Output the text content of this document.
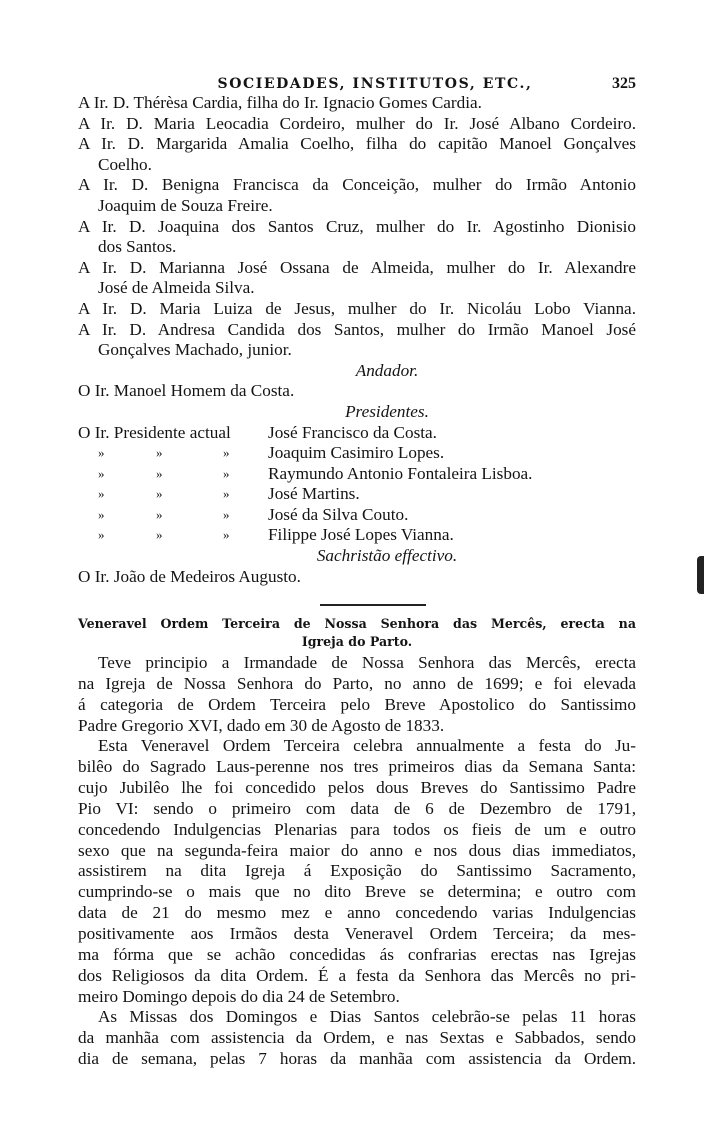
SOCIEDADES, INSTITUTOS, ETC.,	325
A Ir. D. Thérèsa Cardia, filha do Ir. Ignacio Gomes Cardia.
A Ir. D. Maria Leocadia Cordeiro, mulher do Ir. José Albano Cordeiro.
A Ir. D. Margarida Amalia Coelho, filha do capitão Manoel Gonçalves
Coelho.
A Ir. D. Benigna Francisca da Conceição, mulher do Irmão Antonio
Joaquim de Souza Freire.
A Ir. D. Joaquina dos Santos Cruz, mulher do Ir. Agostinho Dionisio
dos Santos.
A Ir. D. Marianna José Ossana de Almeida, mulher do Ir. Alexandre
José de Almeida Silva.
A Ir. D. Maria Luiza de Jesus, mulher do Ir. Nicoláu Lobo Vianna.
A Ir. D. Andresa Candida dos Santos, mulher do Irmão Manoel José
Gonçalves Machado, junior.
Andador.
O Ir. Manoel Homem da Costa.
Presidentes.
O Ir. Presidente actual José Francisco da Costa.
»	»	» Joaquim Casimiro Lopes.
»	»	» Raymundo Antonio Fontaleira Lisboa.
»	»	» José Martins.
»	»	» José da Silva Couto.
»	»	» Filippe José Lopes Vianna.
Sachristão effectivo.
O Ir. João de Medeiros Augusto.
Veneravel Ordem Terceira de Nossa Senhora das Mercês, erecta na
Igreja do Parto.
Teve principio a Irmandade de Nossa Senhora das Mercês, erecta
na Igreja de Nossa Senhora do Parto, no anno de 1699; e foi elevada
á categoria de Ordem Terceira pelo Breve Apostolico do Santissimo
Padre Gregorio XVI, dado em 30 de Agosto de 1833.
Esta Veneravel Ordem Terceira celebra annualmente a festa do Ju-
bilêo do Sagrado Laus-perenne nos tres primeiros dias da Semana Santa:
cujo Jubilêo lhe foi concedido pelos dous Breves do Santissimo Padre
Pio VI: sendo o primeiro com data de 6 de Dezembro de 1791,
concedendo Indulgencias Plenarias para todos os fieis de um e outro
sexo que na segunda-feira maior do anno e nos dous dias immediatos,
assistirem na dita Igreja á Exposição do Santissimo Sacramento,
cumprindo-se o mais que no dito Breve se determina; e outro com
data de 21 do mesmo mez e anno concedendo varias Indulgencias
positivamente aos Irmãos desta Veneravel Ordem Terceira; da mes-
ma fórma que se achão concedidas ás confrarias erectas nas Igrejas
dos Religiosos da dita Ordem. É a festa da Senhora das Mercês no pri-
meiro Domingo depois do dia 24 de Setembro.
As Missas dos Domingos e Dias Santos celebrão-se pelas 11 horas
da manhãa com assistencia da Ordem, e nas Sextas e Sabbados, sendo
dia de semana, pelas 7 horas da manhãa com assistencia da Ordem.
